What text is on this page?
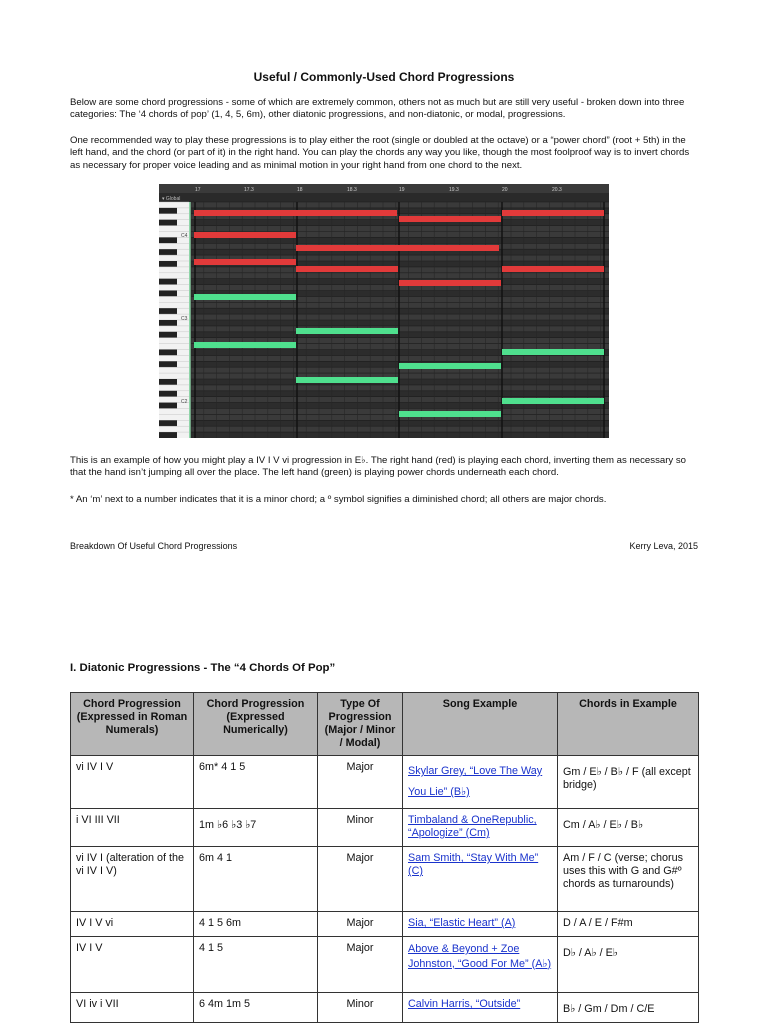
Useful / Commonly-Used Chord Progressions
Below are some chord progressions - some of which are extremely common, others not as much but are still very useful - broken down into three categories: The ‘4 chords of pop’ (1, 4, 5, 6m), other diatonic progressions, and non-diatonic, or modal, progressions.
One recommended way to play these progressions is to play either the root (single or doubled at the octave) or a “power chord” (root + 5th) in the left hand, and the chord (or part of it) in the right hand. You can play the chords any way you like, though the most foolproof way is to invert chords as necessary for proper voice leading and as minimal motion in your right hand from one chord to the next.
17	17.3	18	18.3	19	19.3	20	20.3
▾ Global
C4
C3
C2
This is an example of how you might play a IV I V vi progression in E♭. The right hand (red) is playing each chord, inverting them as necessary so that the hand isn’t jumping all over the place. The left hand (green) is playing power chords underneath each chord.
* An ‘m’ next to a number indicates that it is a minor chord; a º symbol signifies a diminished chord; all others are major chords.
Breakdown Of Useful Chord Progressions	Kerry Leva, 2015
I. Diatonic Progressions - The “4 Chords Of Pop”
Chord Progression (Expressed in Roman Numerals)	Chord Progression (Expressed Numerically)	Type Of Progression (Major / Minor / Modal)	Song Example	Chords in Example
vi IV I V	6m* 4 1 5	Major	Skylar Grey, “Love The Way You Lie” (B♭)	Gm / E♭ / B♭ / F (all except bridge)
i VI III VII	1m ♭6 ♭3 ♭7	Minor	Timbaland & OneRepublic, “Apologize” (Cm)	Cm / A♭ / E♭ / B♭
vi IV I (alteration of the vi IV I V)	6m 4 1	Major	Sam Smith, “Stay With Me” (C)	Am / F / C (verse; chorus uses this with G and G#º chords as turnarounds)
IV I V vi	4 1 5 6m	Major	Sia, “Elastic Heart” (A)	D / A / E / F#m
IV I V	4 1 5	Major	Above & Beyond + Zoe Johnston, “Good For Me” (A♭)	D♭ / A♭ / E♭
VI iv i VII	6 4m 1m 5	Minor	Calvin Harris, “Outside”	B♭ / Gm / Dm / C/E
